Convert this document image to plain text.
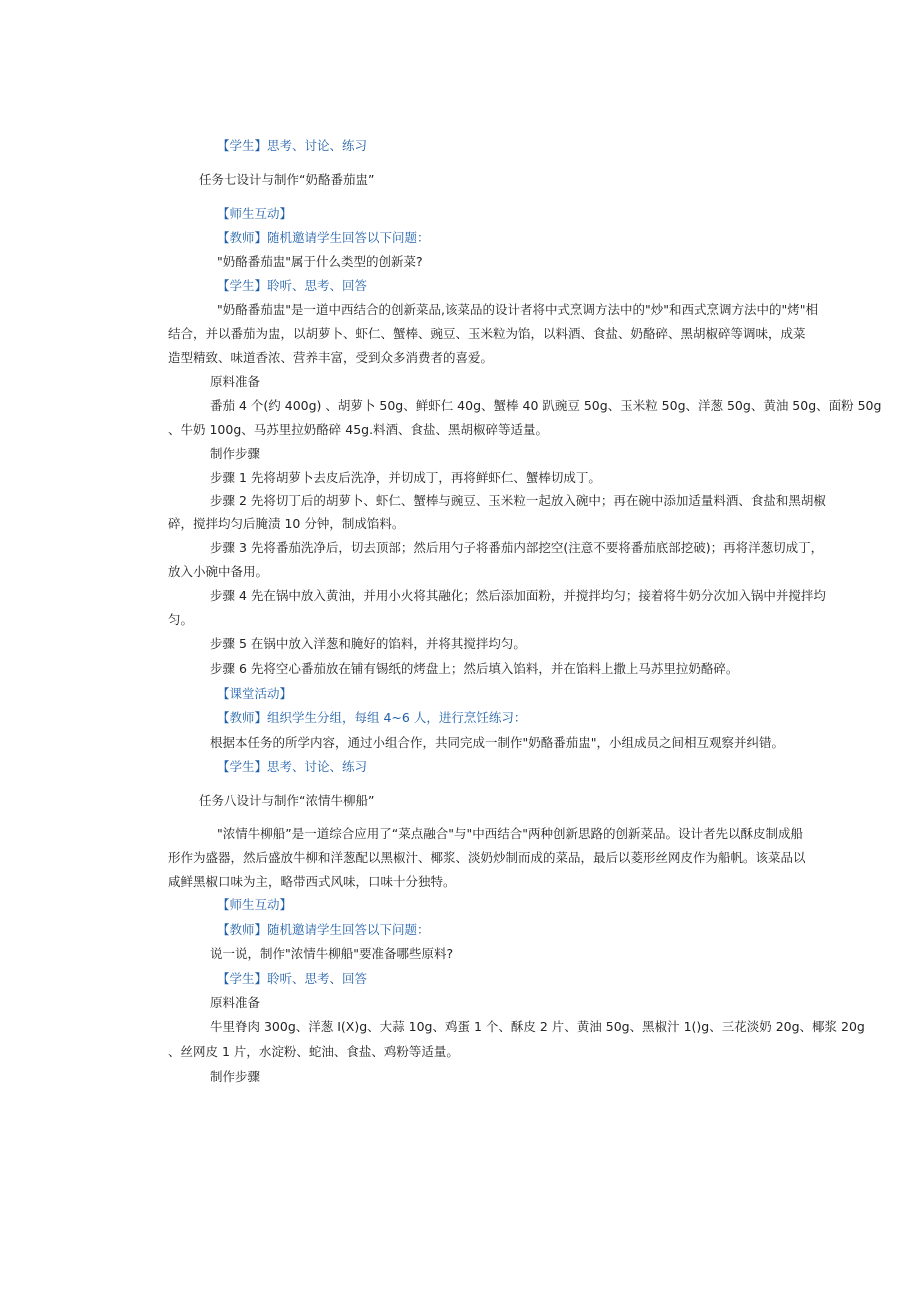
【学生】思考、讨论、练习
任务七设计与制作“奶酪番茄盅”
【师生互动】
【教师】随机邀请学生回答以下问题：
"奶酪番茄盅"属于什么类型的创新菜?
【学生】聆听、思考、回答
"奶酪番茄盅"是一道中西结合的创新菜品,该菜品的设计者将中式烹调方法中的"炒"和西式烹调方法中的"烤"相
结合，并以番茄为盅，以胡萝卜、虾仁、蟹棒、豌豆、玉米粒为馅，以料酒、食盐、奶酪碎、黑胡椒碎等调味，成菜
造型精致、味道香浓、营养丰富，受到众多消费者的喜爱。
原料准备
番茄 4 个(约 400g) 、胡萝卜 50g、鲜虾仁 40g、蟹棒 40 趴豌豆 50g、玉米粒 50g、洋葱 50g、黄油 50g、面粉 50g
、牛奶 100g、马苏里拉奶酪碎 45g.料酒、食盐、黑胡椒碎等适量。
制作步骤
步骤 1 先将胡萝卜去皮后洗净，并切成丁，再将鲜虾仁、蟹棒切成丁。
步骤 2 先将切丁后的胡萝卜、虾仁、蟹棒与豌豆、玉米粒一起放入碗中；再在碗中添加适量料酒、食盐和黑胡椒
碎，搅拌均匀后腌渍 10 分钟，制成馅料。
步骤 3 先将番茄洗净后，切去顶部；然后用勺子将番茄内部挖空(注意不要将番茄底部挖破)；再将洋葱切成丁，
放入小碗中备用。
步骤 4 先在锅中放入黄油，并用小火将其融化；然后添加面粉，并搅拌均匀；接着将牛奶分次加入锅中并搅拌均
匀。
步骤 5 在锅中放入洋葱和腌好的馅料，并将其搅拌均匀。
步骤 6 先将空心番茄放在铺有锡纸的烤盘上；然后填入馅料，并在馅料上撒上马苏里拉奶酪碎。
【课堂活动】
【教师】组织学生分组，每组 4~6 人，进行烹饪练习：
根据本任务的所学内容，通过小组合作，共同完成一制作"奶酪番茄盅"，小组成员之间相互观察并纠错。
【学生】思考、讨论、练习
任务八设计与制作“浓情牛柳船”
"浓情牛柳船”是一道综合应用了“菜点融合"与"中西结合"两种创新思路的创新菜品。设计者先以酥皮制成船
形作为盛器，然后盛放牛柳和洋葱配以黑椒汁、椰浆、淡奶炒制而成的菜品，最后以菱形丝网皮作为船帆。该菜品以
咸鲜黑椒口味为主，略带西式风味，口味十分独特。
【师生互动】
【教师】随机邀请学生回答以下问题：
说一说，制作"浓情牛柳船"要准备哪些原料?
【学生】聆听、思考、回答
原料准备
牛里脊肉 300g、洋葱 I(X)g、大蒜 10g、鸡蛋 1 个、酥皮 2 片、黄油 50g、黑椒汁 1()g、三花淡奶 20g、椰浆 20g
、丝网皮 1 片，水淀粉、蛇油、食盐、鸡粉等适量。
制作步骤
